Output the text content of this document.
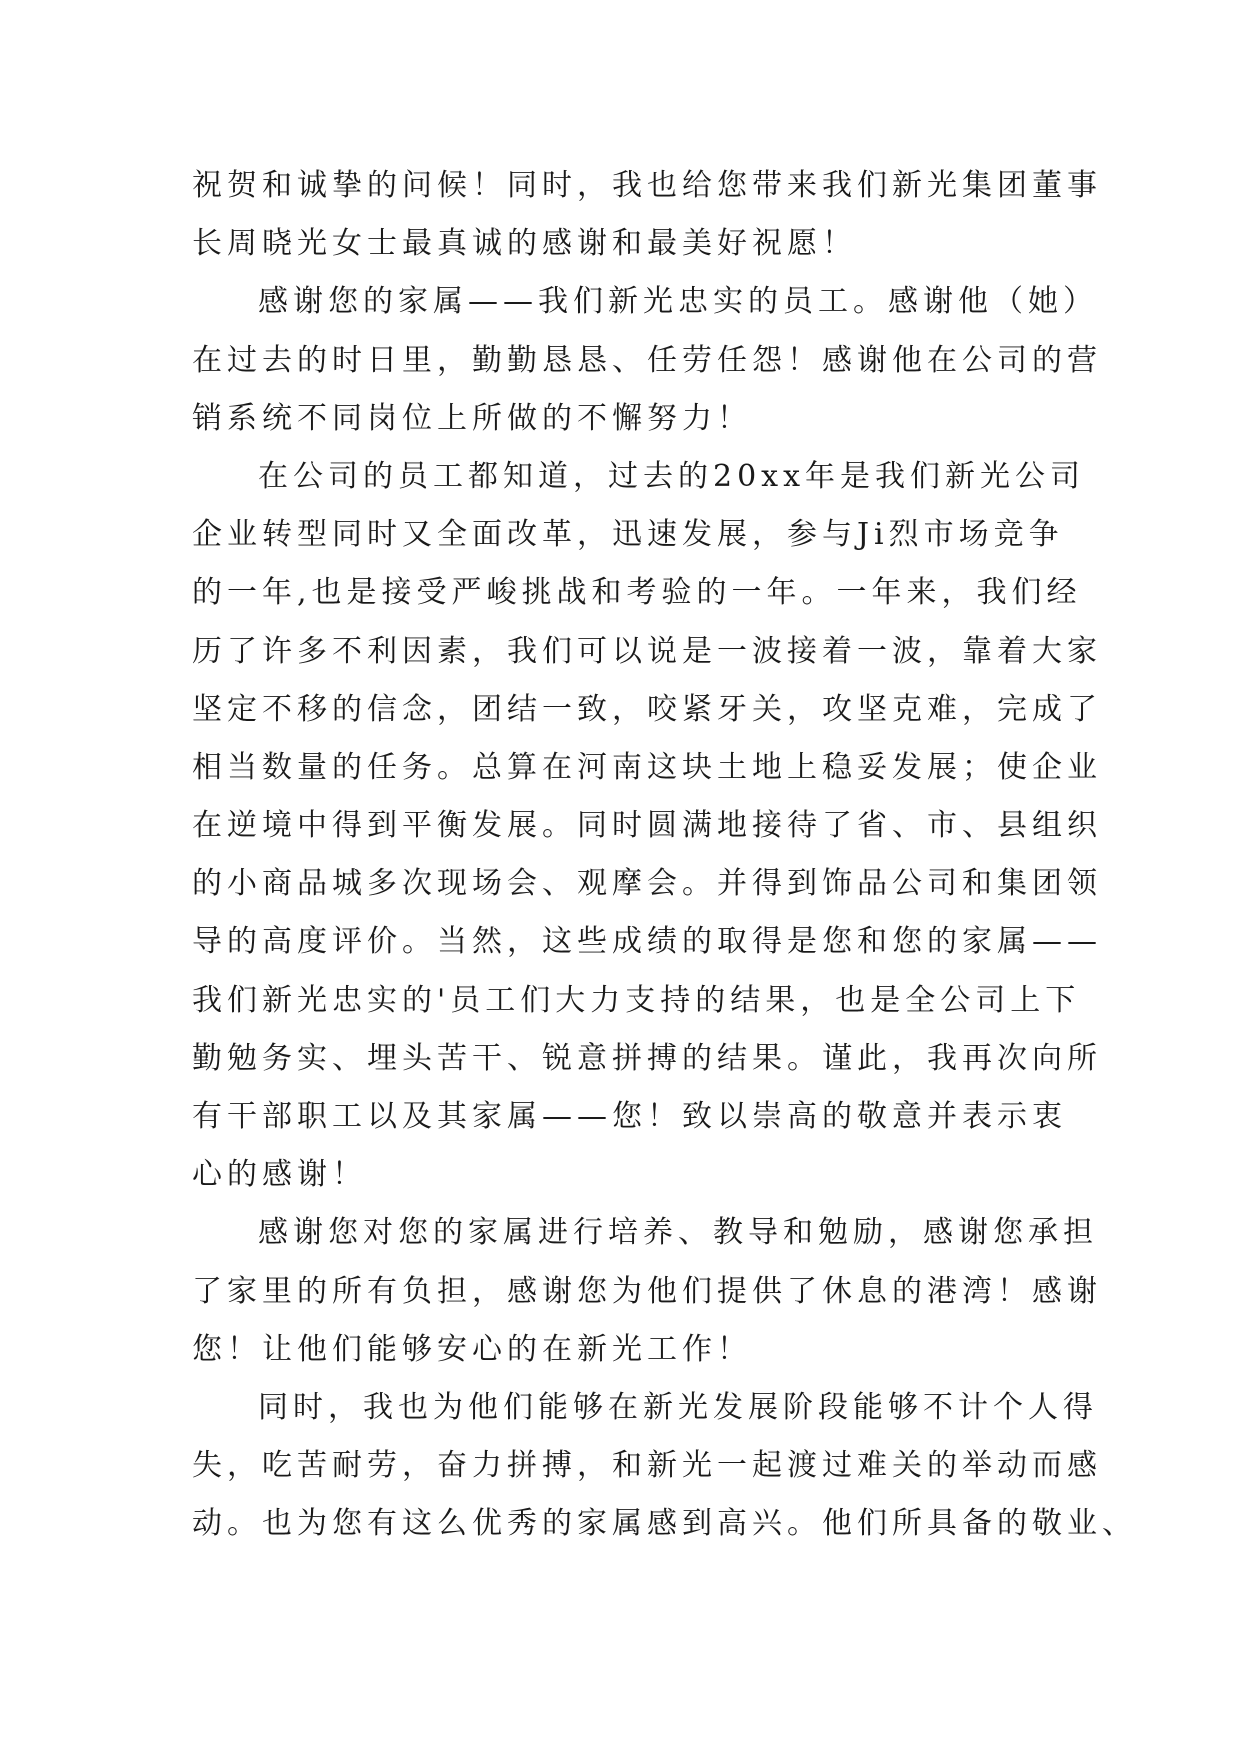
祝贺和诚挚的问候！同时，我也给您带来我们新光集团董事
长周晓光女士最真诚的感谢和最美好祝愿！
感谢您的家属——我们新光忠实的员工。感谢他（她）
在过去的时日里，勤勤恳恳、任劳任怨！感谢他在公司的营
销系统不同岗位上所做的不懈努力！
在公司的员工都知道，过去的20xx年是我们新光公司
企业转型同时又全面改革，迅速发展，参与Ji烈市场竞争
的一年,也是接受严峻挑战和考验的一年。一年来，我们经
历了许多不利因素，我们可以说是一波接着一波，靠着大家
坚定不移的信念，团结一致，咬紧牙关，攻坚克难，完成了
相当数量的任务。总算在河南这块土地上稳妥发展；使企业
在逆境中得到平衡发展。同时圆满地接待了省、市、县组织
的小商品城多次现场会、观摩会。并得到饰品公司和集团领
导的高度评价。当然，这些成绩的取得是您和您的家属——
我们新光忠实的'员工们大力支持的结果，也是全公司上下
勤勉务实、埋头苦干、锐意拼搏的结果。谨此，我再次向所
有干部职工以及其家属——您！致以崇高的敬意并表示衷
心的感谢！
感谢您对您的家属进行培养、教导和勉励，感谢您承担
了家里的所有负担，感谢您为他们提供了休息的港湾！感谢
您！让他们能够安心的在新光工作！
同时，我也为他们能够在新光发展阶段能够不计个人得
失，吃苦耐劳，奋力拼搏，和新光一起渡过难关的举动而感
动。也为您有这么优秀的家属感到高兴。他们所具备的敬业、
